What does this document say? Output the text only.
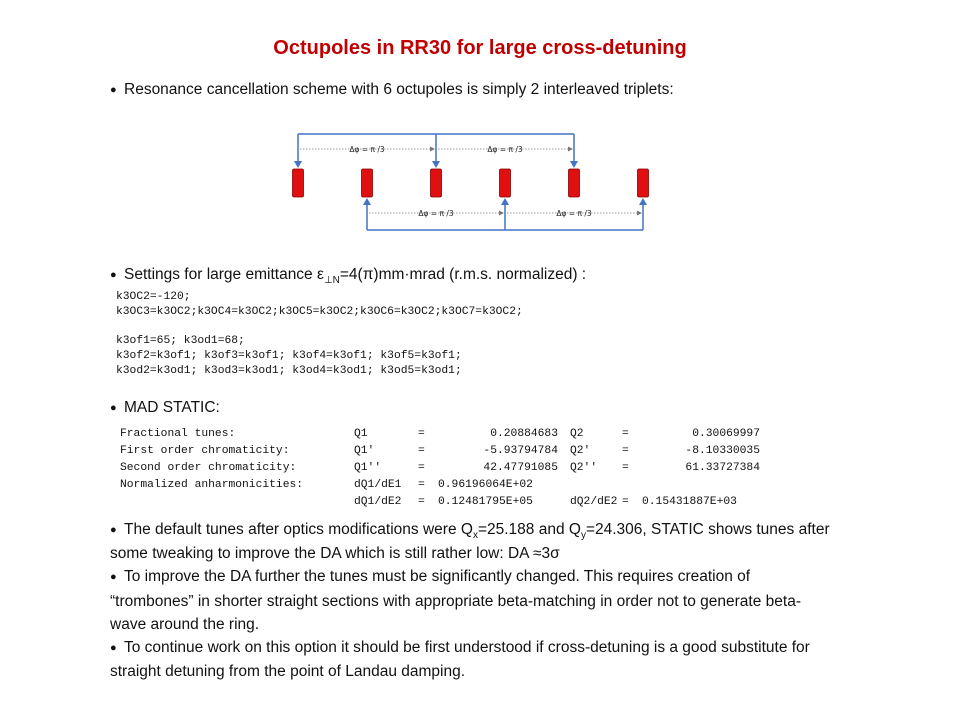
Octupoles in RR30 for large cross-detuning
● Resonance cancellation scheme with 6 octupoles is simply 2 interleaved triplets:
Δφ = π /3	Δφ = π /3
Δφ = π /3	Δφ = π /3
● Settings for large emittance $\varepsilon_{\perp N}=4(\pi)mm\cdot mrad$ (r.m.s. normalized) :
k3OC2=-120;
k3OC3=k3OC2;k3OC4=k3OC2;k3OC5=k3OC2;k3OC6=k3OC2;k3OC7=k3OC2;

k3of1=65; k3od1=68;
k3of2=k3of1; k3of3=k3of1; k3of4=k3of1; k3of5=k3of1;
k3od2=k3od1; k3od3=k3od1; k3od4=k3od1; k3od5=k3od1;
● MAD STATIC:
Fractional tunes:	Q1	=	0.20884683	Q2	=	0.30069997
First order chromaticity:	Q1'	=	-5.93794784	Q2'	=	-8.10330035
Second order chromaticity:	Q1''	=	42.47791085	Q2''	=	61.33727384
Normalized anharmonicities:	dQ1/dE1	=	0.96196064E+02			
	dQ1/dE2	=	0.12481795E+05	dQ2/dE2	=	0.15431887E+03

● The default tunes after optics modifications were $Q_x=25.188$ and $Q_y=24.306$, STATIC shows tunes after some tweaking to improve the DA which is still rather low: DA ≈3σ

● To improve the DA further the tunes must be significantly changed. This requires creation of “trombones” in shorter straight sections with appropriate beta-matching in order not to generate beta-wave around the ring.

● To continue work on this option it should be first understood if cross-detuning is a good substitute for straight detuning from the point of Landau damping.
